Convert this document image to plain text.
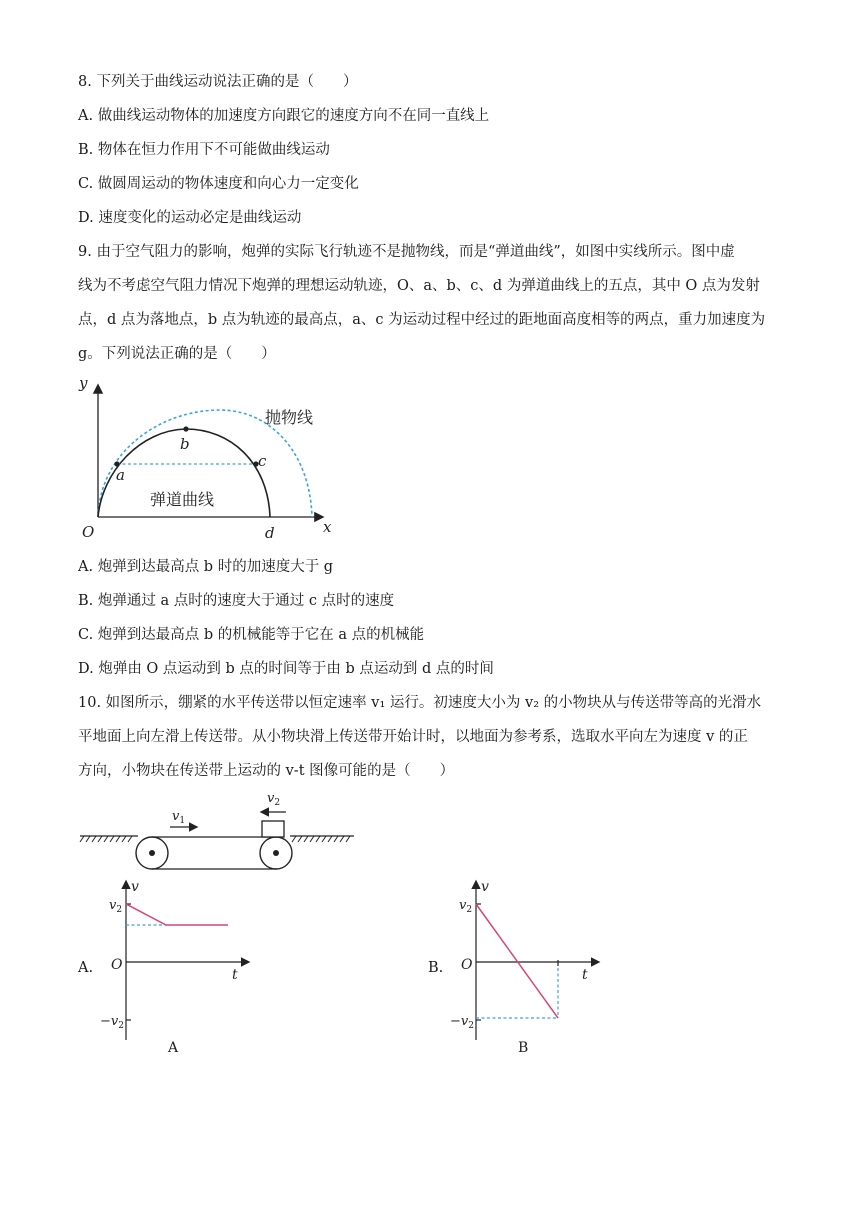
8. 下列关于曲线运动说法正确的是（　　）
A. 做曲线运动物体的加速度方向跟它的速度方向不在同一直线上
B. 物体在恒力作用下不可能做曲线运动
C. 做圆周运动的物体速度和向心力一定变化
D. 速度变化的运动必定是曲线运动
9. 由于空气阻力的影响，炮弹的实际飞行轨迹不是抛物线，而是“弹道曲线”，如图中实线所示。图中虚
线为不考虑空气阻力情况下炮弹的理想运动轨迹，O、a、b、c、d 为弹道曲线上的五点，其中 O 点为发射
点，d 点为落地点，b 点为轨迹的最高点，a、c 为运动过程中经过的距地面高度相等的两点，重力加速度为
g。下列说法正确的是（　　）
y
x
O	d
a
b
c
抛物线
弹道曲线
A. 炮弹到达最高点 b 时的加速度大于 g
B. 炮弹通过 a 点时的速度大于通过 c 点时的速度
C. 炮弹到达最高点 b 的机械能等于它在 a 点的机械能
D. 炮弹由 O 点运动到 b 点的时间等于由 b 点运动到 d 点的时间
10. 如图所示，绷紧的水平传送带以恒定速率 v₁ 运行。初速度大小为 v₂ 的小物块从与传送带等高的光滑水
平地面上向左滑上传送带。从小物块滑上传送带开始计时，以地面为参考系，选取水平向左为速度 v 的正
方向，小物块在传送带上运动的 v-t 图像可能的是（　　）
$v_1$
$v_2$
A.
v
t
O
$v_2$
$-v_2$
A
B.
v
t
O
$v_2$
$-v_2$
B
